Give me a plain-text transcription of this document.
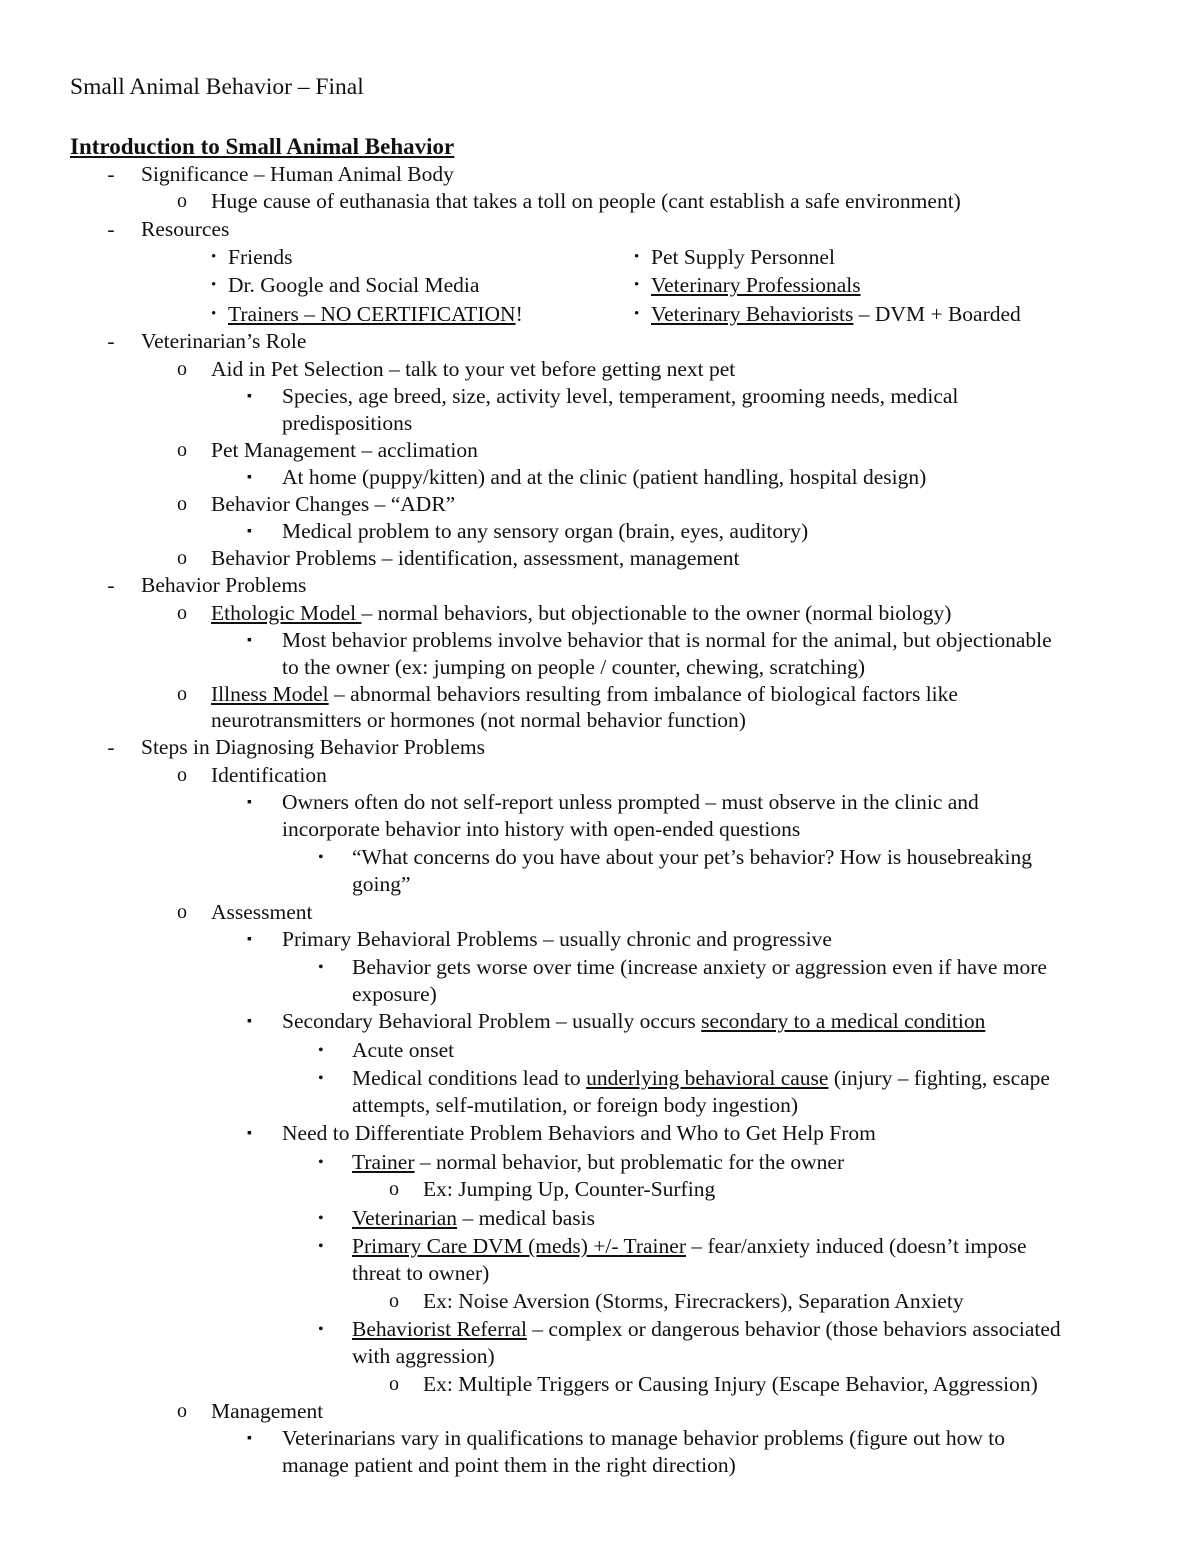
Small Animal Behavior – Final
Introduction to Small Animal Behavior
- Significance – Human Animal Body
o Huge cause of euthanasia that takes a toll on people (cant establish a safe environment)
- Resources
• Friends
• Dr. Google and Social Media
• Trainers – NO CERTIFICATION!
• Pet Supply Personnel
• Veterinary Professionals
• Veterinary Behaviorists – DVM + Boarded
- Veterinarian’s Role
o Aid in Pet Selection – talk to your vet before getting next pet
▪ Species, age breed, size, activity level, temperament, grooming needs, medical
predispositions
o Pet Management – acclimation
▪ At home (puppy/kitten) and at the clinic (patient handling, hospital design)
o Behavior Changes – “ADR”
▪ Medical problem to any sensory organ (brain, eyes, auditory)
o Behavior Problems – identification, assessment, management
- Behavior Problems
o Ethologic Model – normal behaviors, but objectionable to the owner (normal biology)
▪ Most behavior problems involve behavior that is normal for the animal, but objectionable
to the owner (ex: jumping on people / counter, chewing, scratching)
o Illness Model – abnormal behaviors resulting from imbalance of biological factors like
neurotransmitters or hormones (not normal behavior function)
- Steps in Diagnosing Behavior Problems
o Identification
▪ Owners often do not self-report unless prompted – must observe in the clinic and
incorporate behavior into history with open-ended questions
• “What concerns do you have about your pet’s behavior? How is housebreaking
going”
o Assessment
▪ Primary Behavioral Problems – usually chronic and progressive
• Behavior gets worse over time (increase anxiety or aggression even if have more
exposure)
▪ Secondary Behavioral Problem – usually occurs secondary to a medical condition
• Acute onset
• Medical conditions lead to underlying behavioral cause (injury – fighting, escape
attempts, self-mutilation, or foreign body ingestion)
▪ Need to Differentiate Problem Behaviors and Who to Get Help From
• Trainer – normal behavior, but problematic for the owner
o Ex: Jumping Up, Counter-Surfing
• Veterinarian – medical basis
• Primary Care DVM (meds) +/- Trainer – fear/anxiety induced (doesn’t impose
threat to owner)
o Ex: Noise Aversion (Storms, Firecrackers), Separation Anxiety
• Behaviorist Referral – complex or dangerous behavior (those behaviors associated
with aggression)
o Ex: Multiple Triggers or Causing Injury (Escape Behavior, Aggression)
o Management
▪ Veterinarians vary in qualifications to manage behavior problems (figure out how to
manage patient and point them in the right direction)
